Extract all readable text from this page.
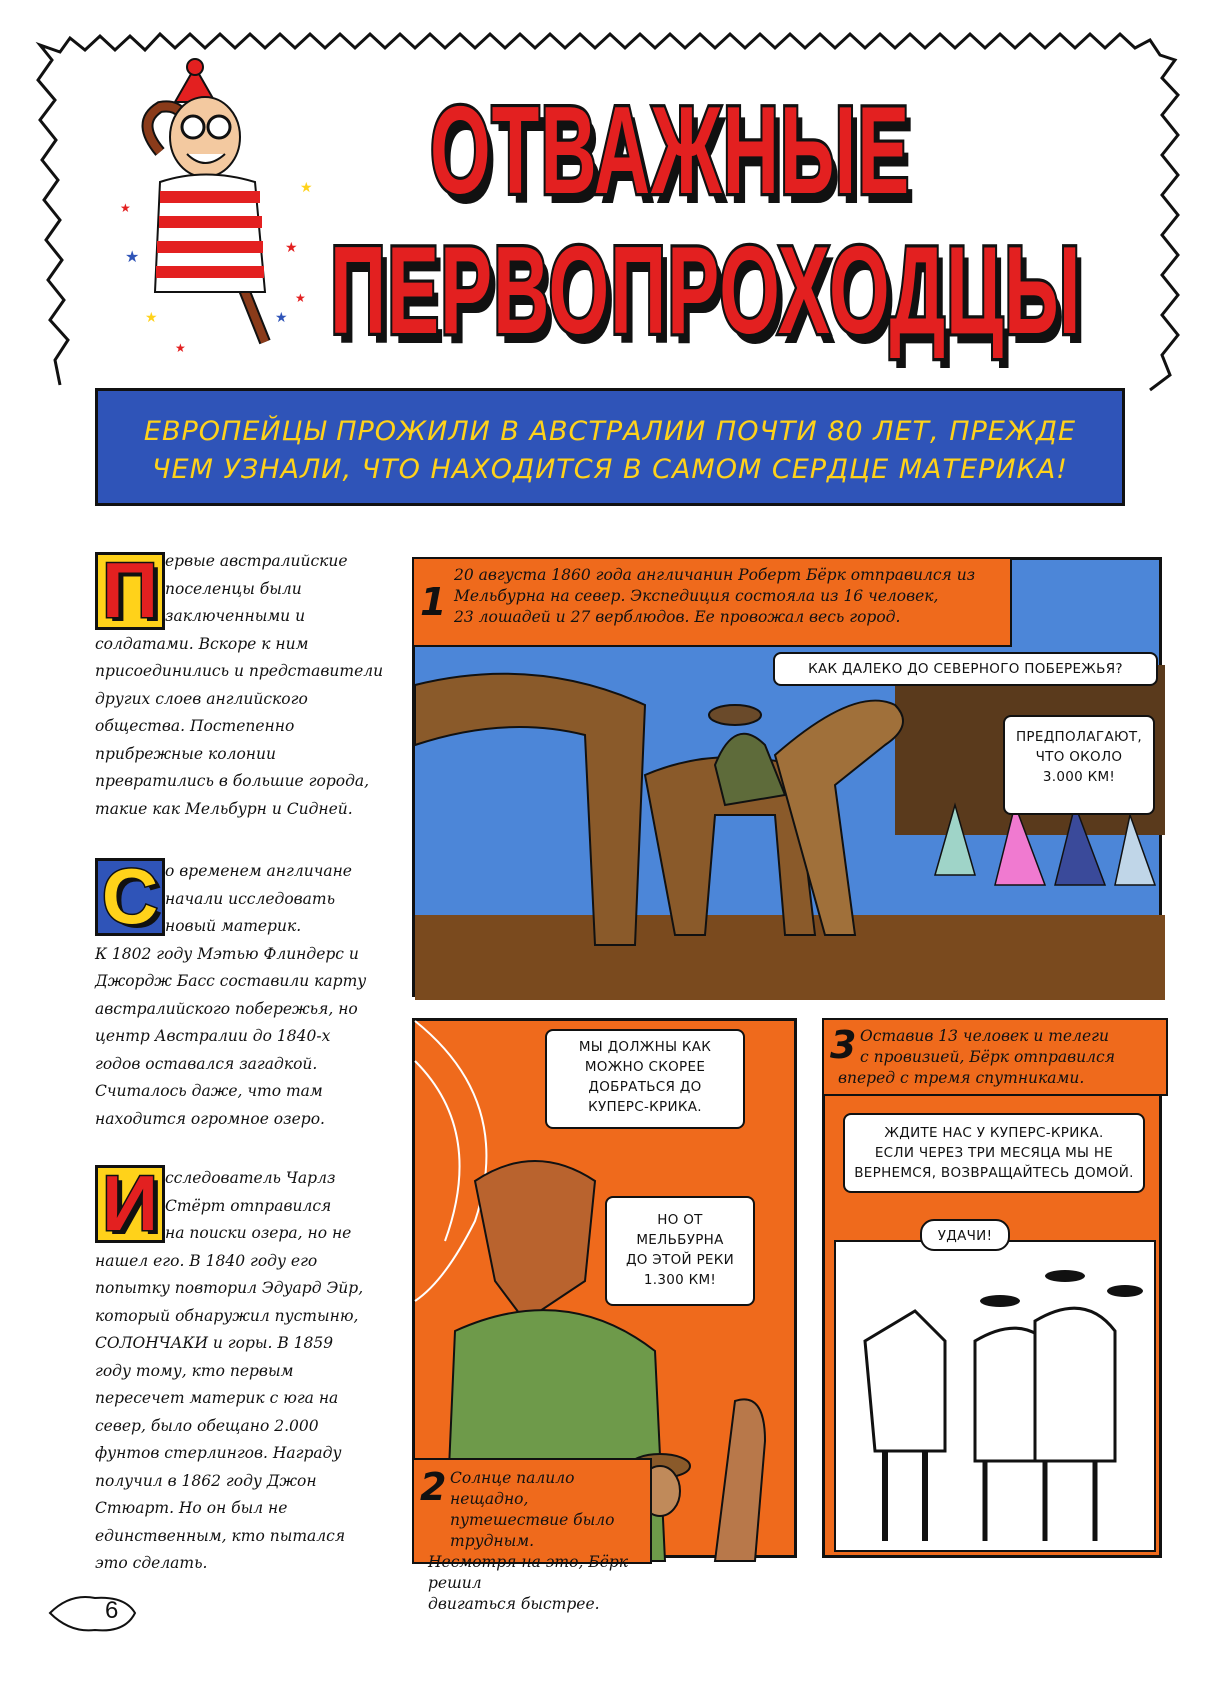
★	★
★
★	★
★
★
★	ОТВАЖНЫЕ
ПЕРВОПРОХОДЦЫ
ЕВРОПЕЙЦЫ ПРОЖИЛИ В АВСТРАЛИИ ПОЧТИ 80 ЛЕТ, ПРЕЖДЕ
ЧЕМ УЗНАЛИ, ЧТО НАХОДИТСЯ В САМОМ СЕРДЦЕ МАТЕРИКА!
П ервые австралийские
поселенцы были
заключенными и
солдатами. Вскоре к ним
присоединились и представители
других слоев английского
общества. Постепенно
прибрежные колонии
превратились в большие города,
такие как Мельбурн и Сидней.
С о временем англичане
начали исследовать
новый материк.
К 1802 году Мэтью Флиндерс и
Джордж Басс составили карту
австралийского побережья, но
центр Австралии до 1840-х
годов оставался загадкой.
Считалось даже, что там
находится огромное озеро.
И сследователь Чарлз
Стёрт отправился
на поиски озера, но не
нашел его. В 1840 году его
попытку повторил Эдуард Эйр,
который обнаружил пустыню,
СОЛОНЧАКИ и горы. В 1859
году тому, кто первым
пересечет материк с юга на
север, было обещано 2.000
фунтов стерлингов. Награду
получил в 1862 году Джон
Стюарт. Но он был не
единственным, кто пытался
это сделать.
1
20 августа 1860 года англичанин Роберт Бёрк отправился из
Мельбурна на север. Экспедиция состояла из 16 человек,
23 лошадей и 27 верблюдов. Ее провожал весь город.
КАК ДАЛЕКО ДО СЕВЕРНОГО ПОБЕРЕЖЬЯ?
ПРЕДПОЛАГАЮТ,
ЧТО ОКОЛО
3.000 КМ!
МЫ ДОЛЖНЫ КАК
МОЖНО СКОРЕЕ
ДОБРАТЬСЯ ДО
КУПЕРС-КРИКА.
НО ОТ
МЕЛЬБУРНА
ДО ЭТОЙ РЕКИ
1.300 КМ!
2 Солнце палило нещадно,
путешествие было трудным.
Несмотря на это, Бёрк решил
двигаться быстрее.
3 Оставив 13 человек и телеги
с провизией, Бёрк отправился
вперед с тремя спутниками.
ЖДИТЕ НАС У КУПЕРС-КРИКА.
ЕСЛИ ЧЕРЕЗ ТРИ МЕСЯЦА МЫ НЕ
ВЕРНЕМСЯ, ВОЗВРАЩАЙТЕСЬ ДОМОЙ.
УДАЧИ!
6
